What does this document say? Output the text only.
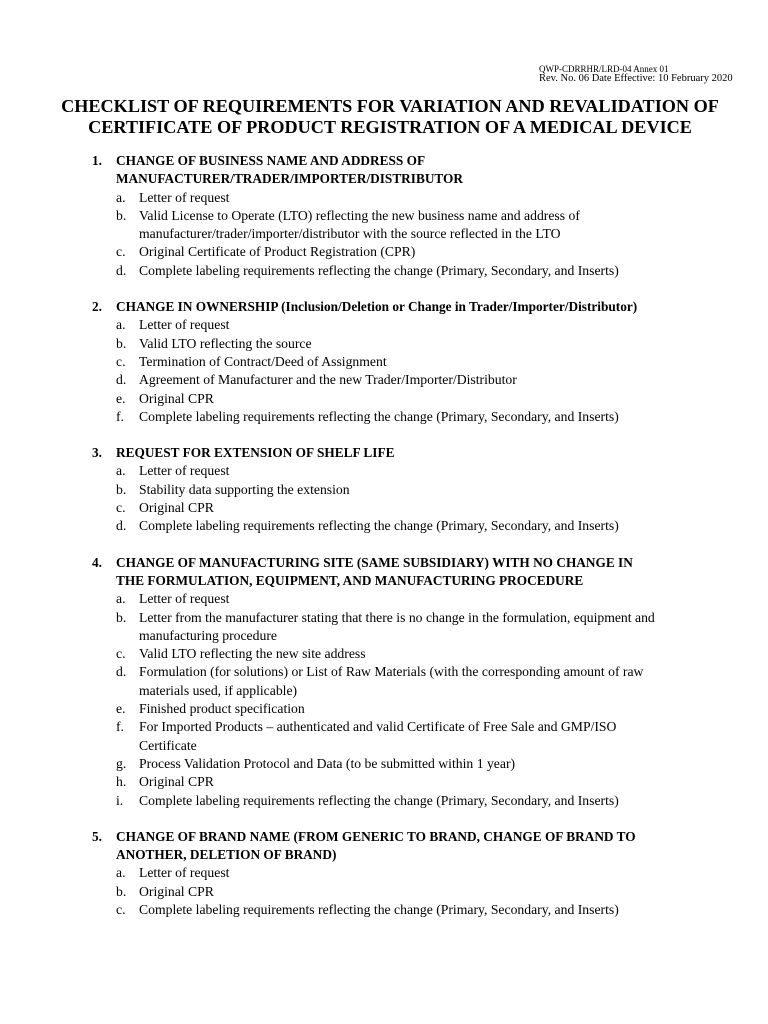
QWP-CDRRHR/LRD-04 Annex 01
Rev. No. 06 Date Effective: 10 February 2020
CHECKLIST OF REQUIREMENTS FOR VARIATION AND REVALIDATION OF
CERTIFICATE OF PRODUCT REGISTRATION OF A MEDICAL DEVICE
1. CHANGE OF BUSINESS NAME AND ADDRESS OF
MANUFACTURER/TRADER/IMPORTER/DISTRIBUTOR
a. Letter of request
b. Valid License to Operate (LTO) reflecting the new business name and address of
manufacturer/trader/importer/distributor with the source reflected in the LTO
c. Original Certificate of Product Registration (CPR)
d. Complete labeling requirements reflecting the change (Primary, Secondary, and Inserts)
2. CHANGE IN OWNERSHIP (Inclusion/Deletion or Change in Trader/Importer/Distributor)
a. Letter of request
b. Valid LTO reflecting the source
c. Termination of Contract/Deed of Assignment
d. Agreement of Manufacturer and the new Trader/Importer/Distributor
e. Original CPR
f. Complete labeling requirements reflecting the change (Primary, Secondary, and Inserts)
3. REQUEST FOR EXTENSION OF SHELF LIFE
a. Letter of request
b. Stability data supporting the extension
c. Original CPR
d. Complete labeling requirements reflecting the change (Primary, Secondary, and Inserts)
4. CHANGE OF MANUFACTURING SITE (SAME SUBSIDIARY) WITH NO CHANGE IN
THE FORMULATION, EQUIPMENT, AND MANUFACTURING PROCEDURE
a. Letter of request
b. Letter from the manufacturer stating that there is no change in the formulation, equipment and
manufacturing procedure
c. Valid LTO reflecting the new site address
d. Formulation (for solutions) or List of Raw Materials (with the corresponding amount of raw
materials used, if applicable)
e. Finished product specification
f. For Imported Products – authenticated and valid Certificate of Free Sale and GMP/ISO
Certificate
g. Process Validation Protocol and Data (to be submitted within 1 year)
h. Original CPR
i. Complete labeling requirements reflecting the change (Primary, Secondary, and Inserts)
5. CHANGE OF BRAND NAME (FROM GENERIC TO BRAND, CHANGE OF BRAND TO
ANOTHER, DELETION OF BRAND)
a. Letter of request
b. Original CPR
c. Complete labeling requirements reflecting the change (Primary, Secondary, and Inserts)
